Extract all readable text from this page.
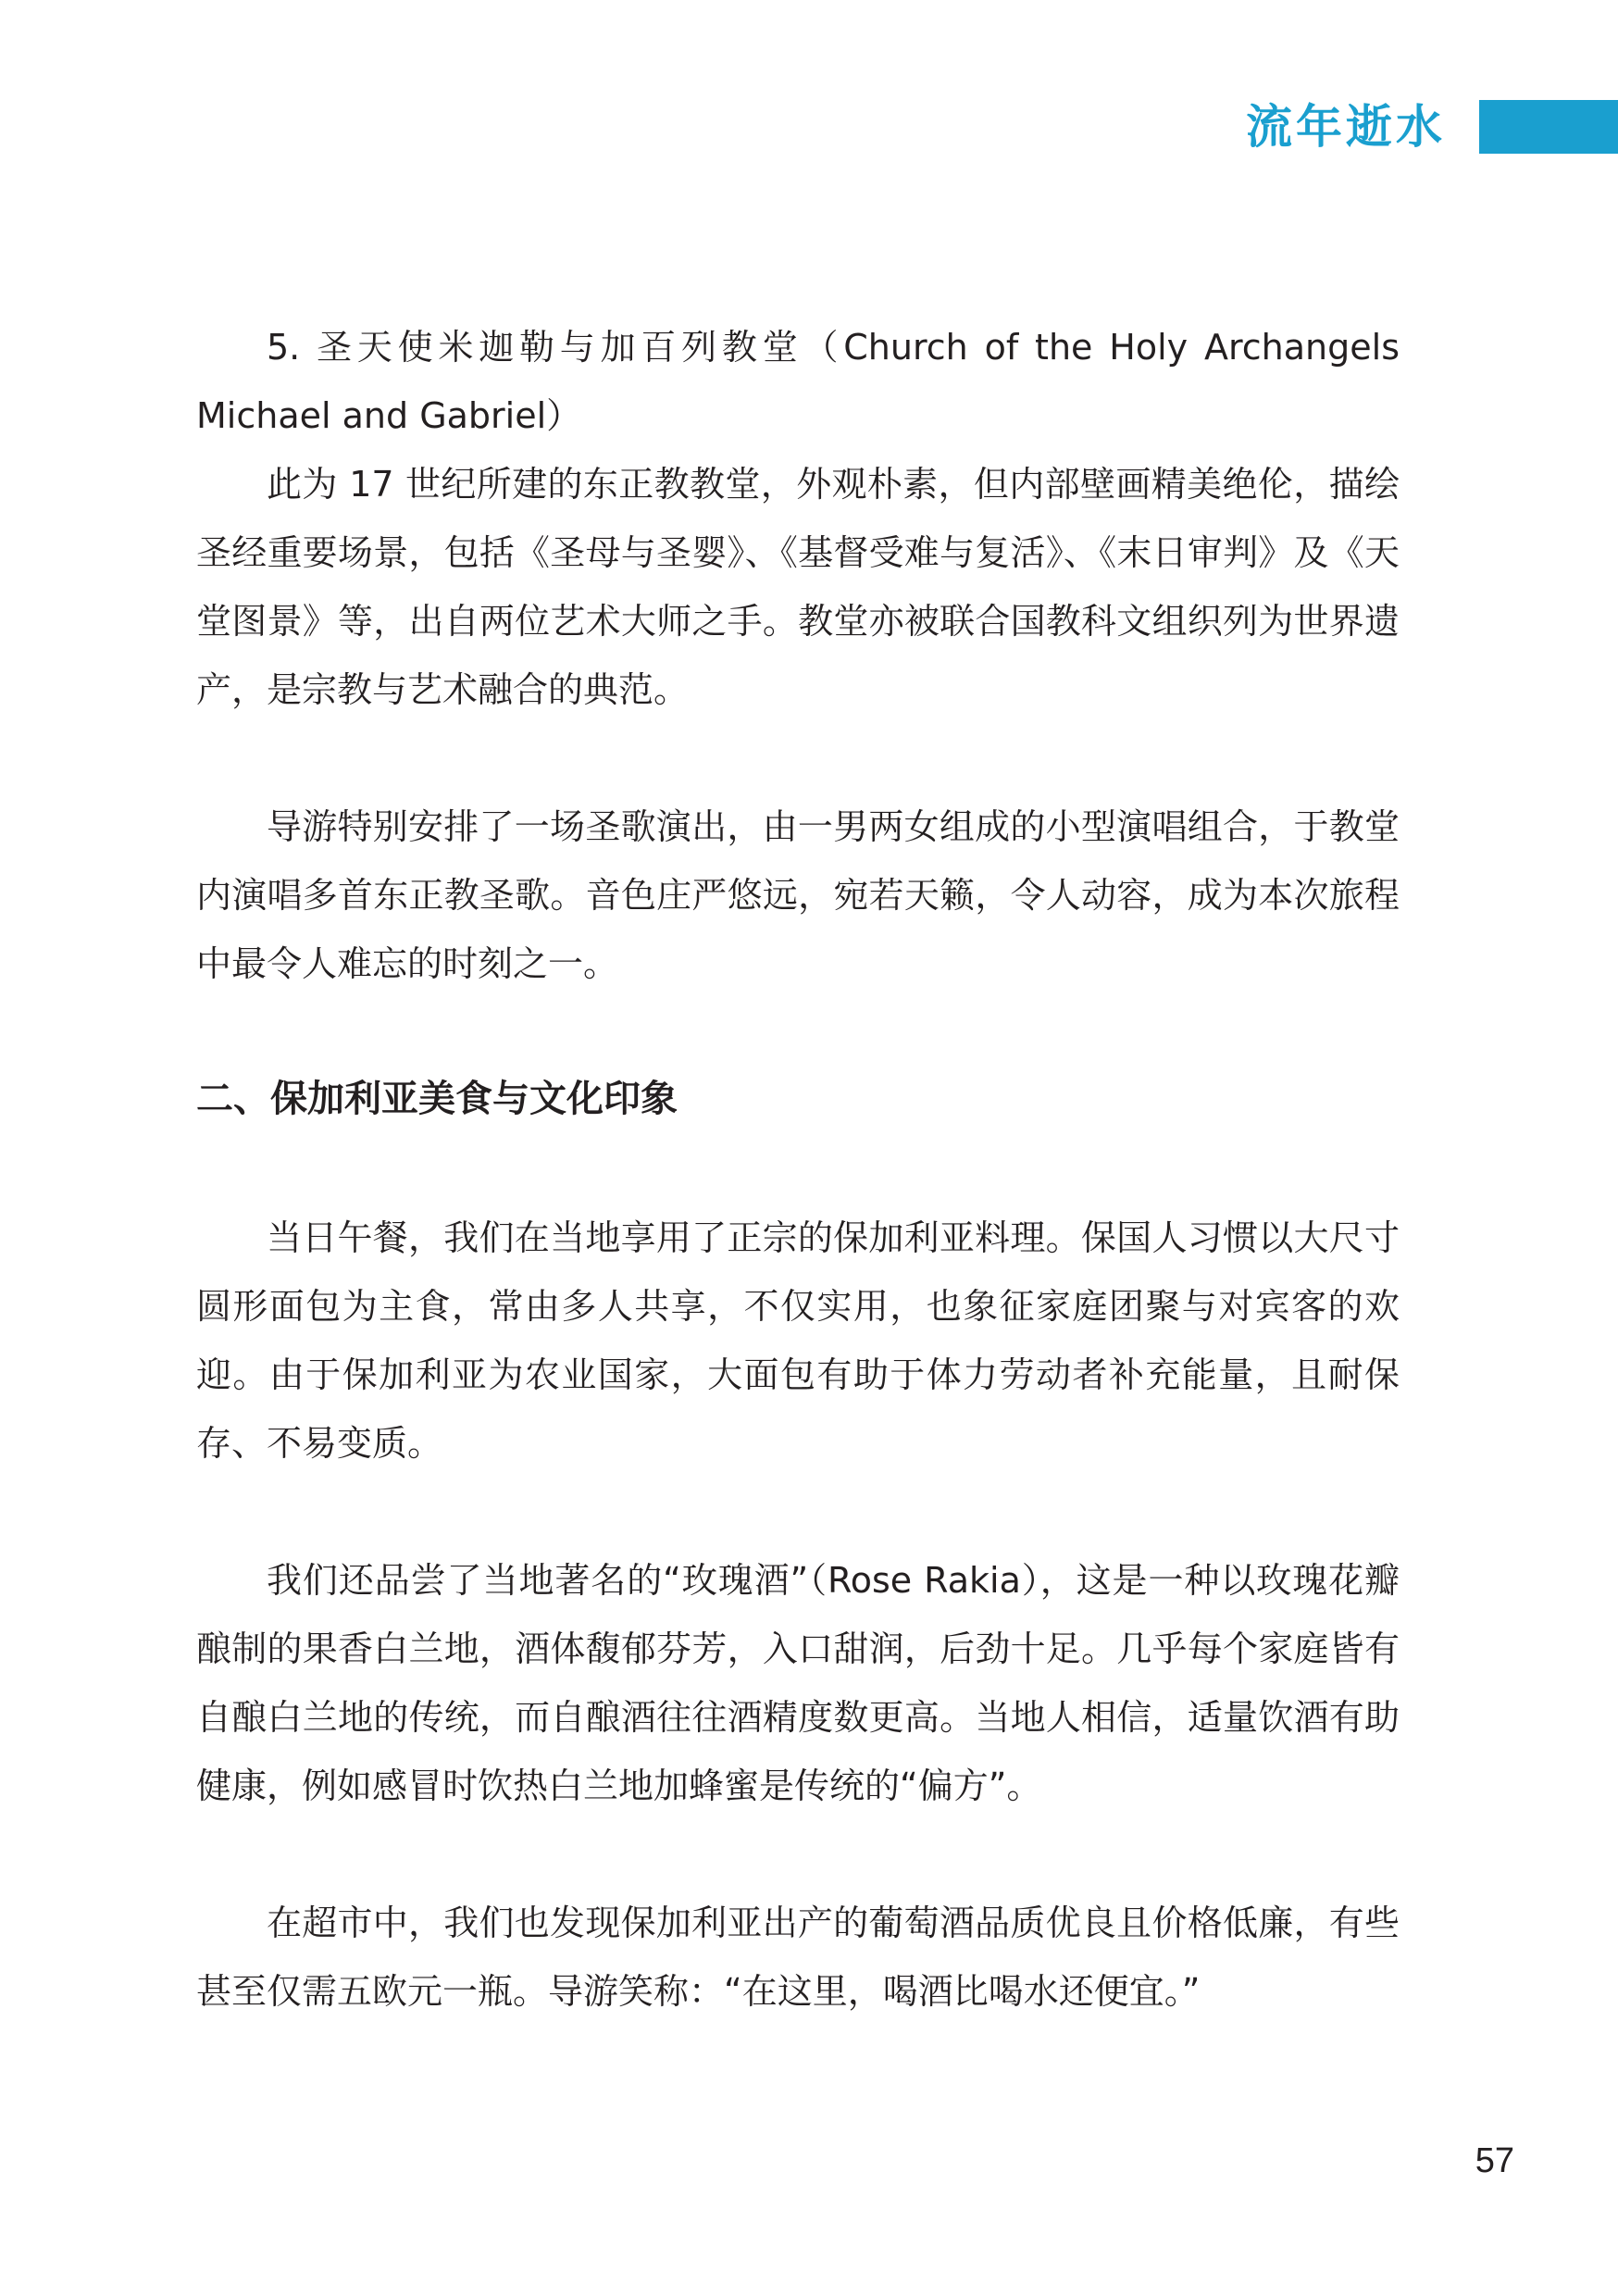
流年逝水

5. 圣天使米迦勒与加百列教堂（Church of the Holy Archangels Michael and Gabriel）

此为 17 世纪所建的东正教教堂，外观朴素，但内部壁画精美绝伦，描绘圣经重要场景，包括《圣母与圣婴》、《基督受难与复活》、《末日审判》及《天堂图景》等，出自两位艺术大师之手。教堂亦被联合国教科文组织列为世界遗产，是宗教与艺术融合的典范。

导游特别安排了一场圣歌演出，由一男两女组成的小型演唱组合，于教堂内演唱多首东正教圣歌。音色庄严悠远，宛若天籁，令人动容，成为本次旅程中最令人难忘的时刻之一。

二、保加利亚美食与文化印象

当日午餐，我们在当地享用了正宗的保加利亚料理。保国人习惯以大尺寸圆形面包为主食，常由多人共享，不仅实用，也象征家庭团聚与对宾客的欢迎。由于保加利亚为农业国家，大面包有助于体力劳动者补充能量，且耐保存、不易变质。

我们还品尝了当地著名的“玫瑰酒”（Rose Rakia），这是一种以玫瑰花瓣酿制的果香白兰地，酒体馥郁芬芳，入口甜润，后劲十足。几乎每个家庭皆有自酿白兰地的传统，而自酿酒往往酒精度数更高。当地人相信，适量饮酒有助健康，例如感冒时饮热白兰地加蜂蜜是传统的“偏方”。

在超市中，我们也发现保加利亚出产的葡萄酒品质优良且价格低廉，有些甚至仅需五欧元一瓶。导游笑称：“在这里，喝酒比喝水还便宜。”

57
